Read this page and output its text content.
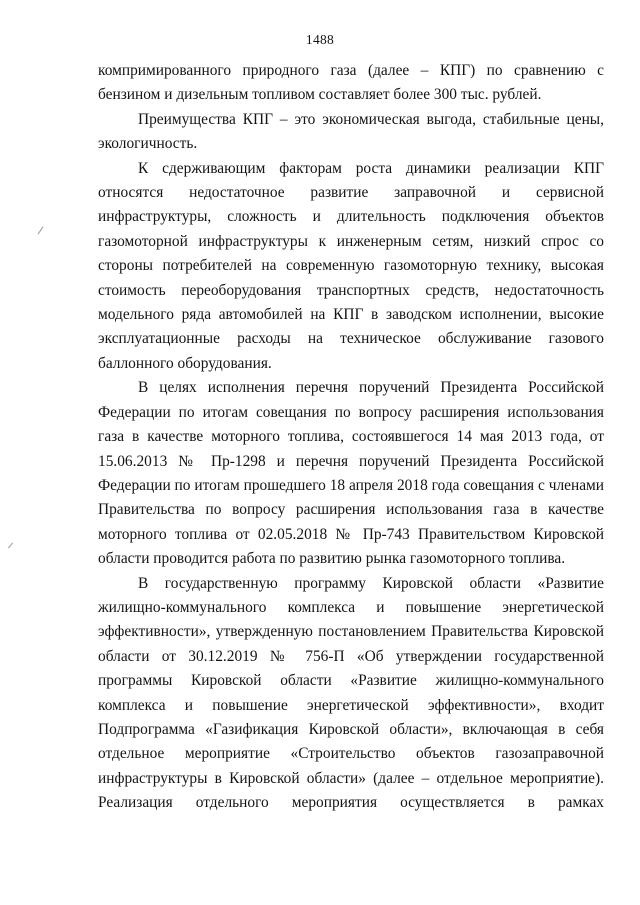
1488

компримированного природного газа (далее – КПГ) по сравнению с бензином и дизельным топливом составляет более 300 тыс. рублей.

Преимущества КПГ – это экономическая выгода, стабильные цены, экологичность.

К сдерживающим факторам роста динамики реализации КПГ относятся недостаточное развитие заправочной и сервисной инфраструктуры, сложность и длительность подключения объектов газомоторной инфраструктуры к инженерным сетям, низкий спрос со стороны потребителей на современную газомоторную технику, высокая стоимость переоборудования транспортных средств, недостаточность модельного ряда автомобилей на КПГ в заводском исполнении, высокие эксплуатационные расходы на техническое обслуживание газового баллонного оборудования.

В целях исполнения перечня поручений Президента Российской Федерации по итогам совещания по вопросу расширения использования газа в качестве моторного топлива, состоявшегося 14 мая 2013 года, от 15.06.2013 № Пр-1298 и перечня поручений Президента Российской Федерации по итогам прошедшего 18 апреля 2018 года совещания с членами Правительства по вопросу расширения использования газа в качестве моторного топлива от 02.05.2018 № Пр-743 Правительством Кировской области проводится работа по развитию рынка газомоторного топлива.

В государственную программу Кировской области «Развитие жилищно-коммунального комплекса и повышение энергетической эффективности», утвержденную постановлением Правительства Кировской области от 30.12.2019 № 756-П «Об утверждении государственной программы Кировской области «Развитие жилищно-коммунального комплекса и повышение энергетической эффективности», входит Подпрограмма «Газификация Кировской области», включающая в себя отдельное мероприятие «Строительство объектов газозаправочной инфраструктуры в Кировской области» (далее – отдельное мероприятие). Реализация отдельного мероприятия осуществляется в рамках
